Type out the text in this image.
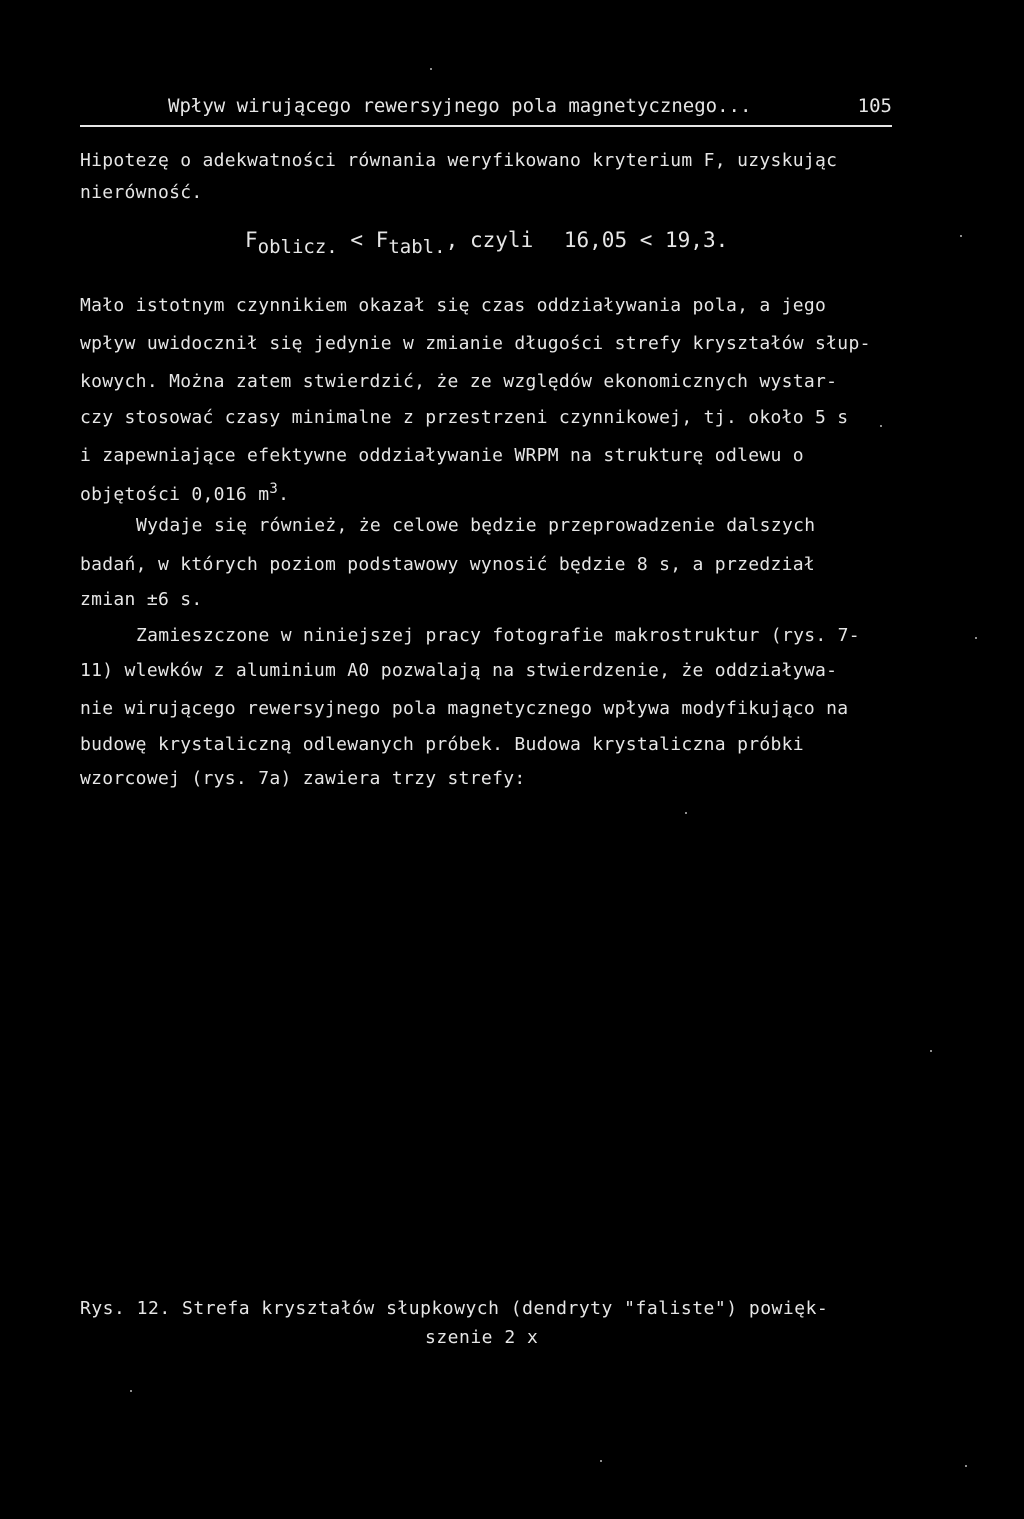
Wpływ wirującego rewersyjnego pola magnetycznego...	105
Hipotezę o adekwatności równania weryfikowano kryterium F, uzyskując
nierówność.
Foblicz. < Ftabl., czyli 16,05 < 19,3.
Mało istotnym czynnikiem okazał się czas oddziaływania pola, a jego
wpływ uwidocznił się jedynie w zmianie długości strefy kryształów słup-
kowych. Można zatem stwierdzić, że ze względów ekonomicznych wystar-
czy stosować czasy minimalne z przestrzeni czynnikowej, tj. około 5 s
i zapewniające efektywne oddziaływanie WRPM na strukturę odlewu o
objętości 0,016 $m^3$.
Wydaje się również, że celowe będzie przeprowadzenie dalszych
badań, w których poziom podstawowy wynosić będzie 8 s, a przedział
zmian ±6 s.
Zamieszczone w niniejszej pracy fotografie makrostruktur (rys. 7-
11) wlewków z aluminium A0 pozwalają na stwierdzenie, że oddziaływa-
nie wirującego rewersyjnego pola magnetycznego wpływa modyfikująco na
budowę krystaliczną odlewanych próbek. Budowa krystaliczna próbki
wzorcowej (rys. 7a) zawiera trzy strefy:
Rys. 12. Strefa kryształów słupkowych (dendryty "faliste") powięk-
szenie 2 x
